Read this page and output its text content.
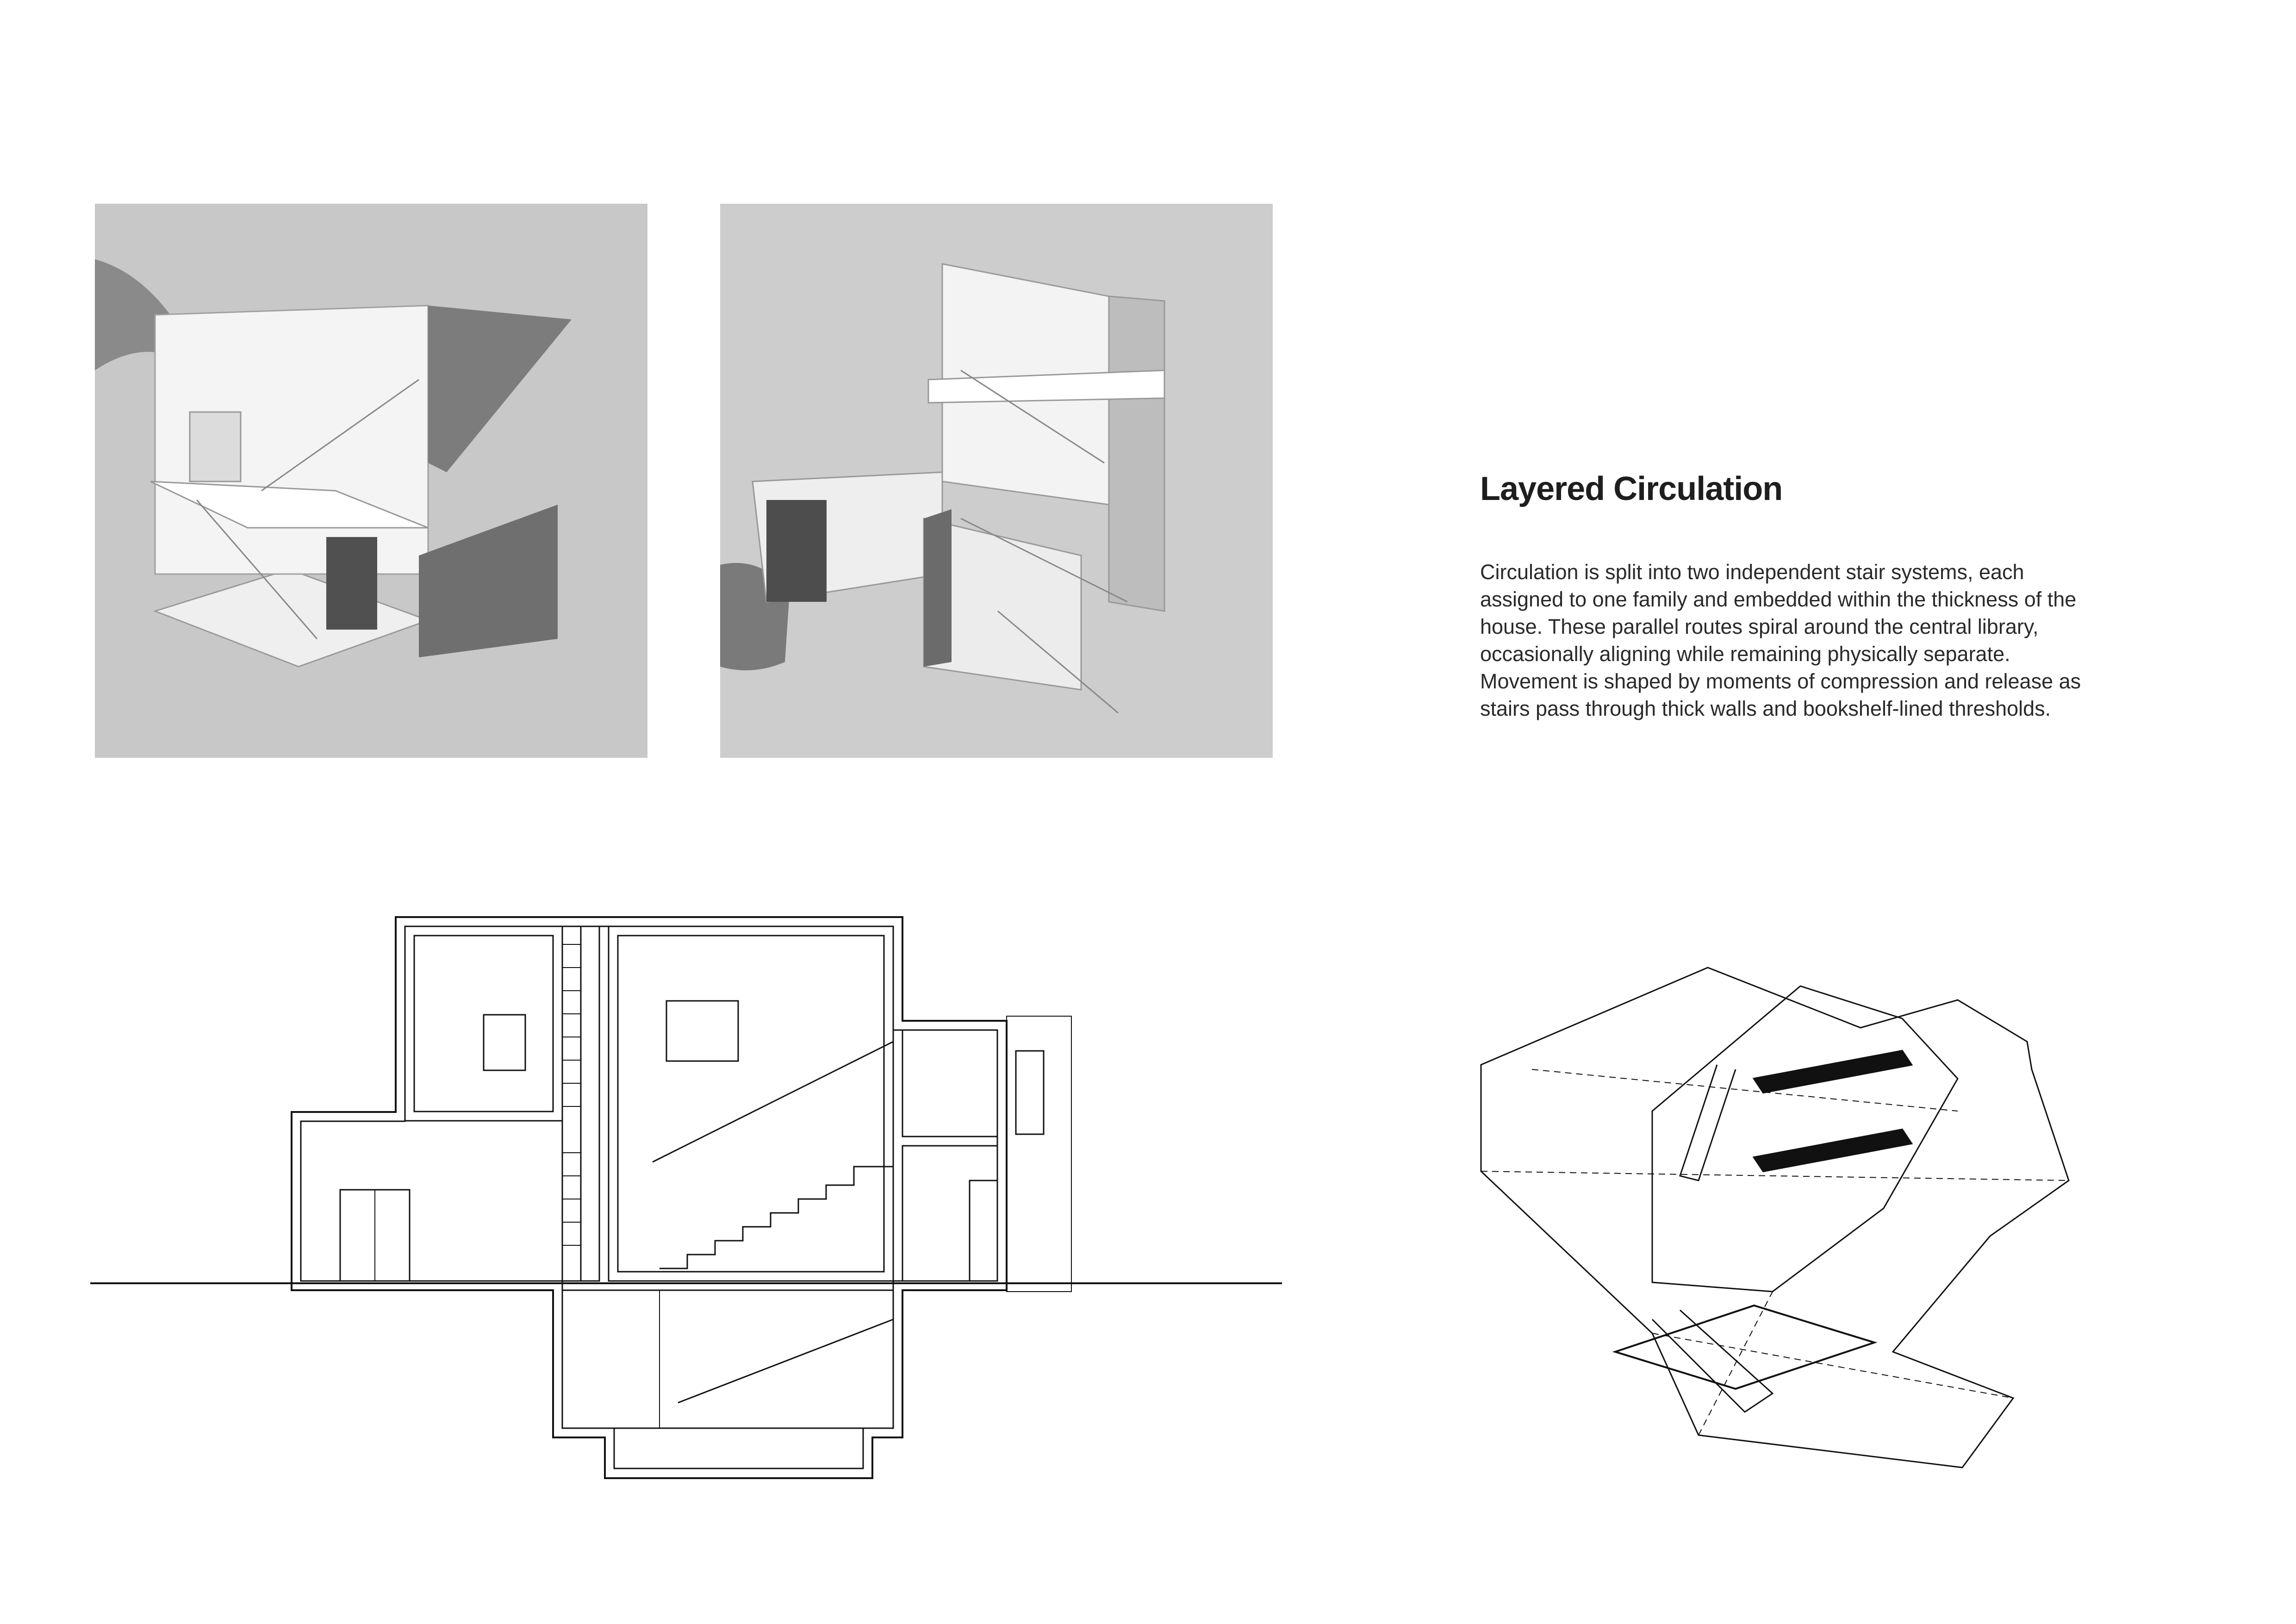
Layered Circulation

Circulation is split into two independent stair systems, each assigned to one family and embedded within the thickness of the house. These parallel routes spiral around the central library, occasionally aligning while remaining physically separate. Movement is shaped by moments of compression and release as stairs pass through thick walls and bookshelf-lined thresholds.
